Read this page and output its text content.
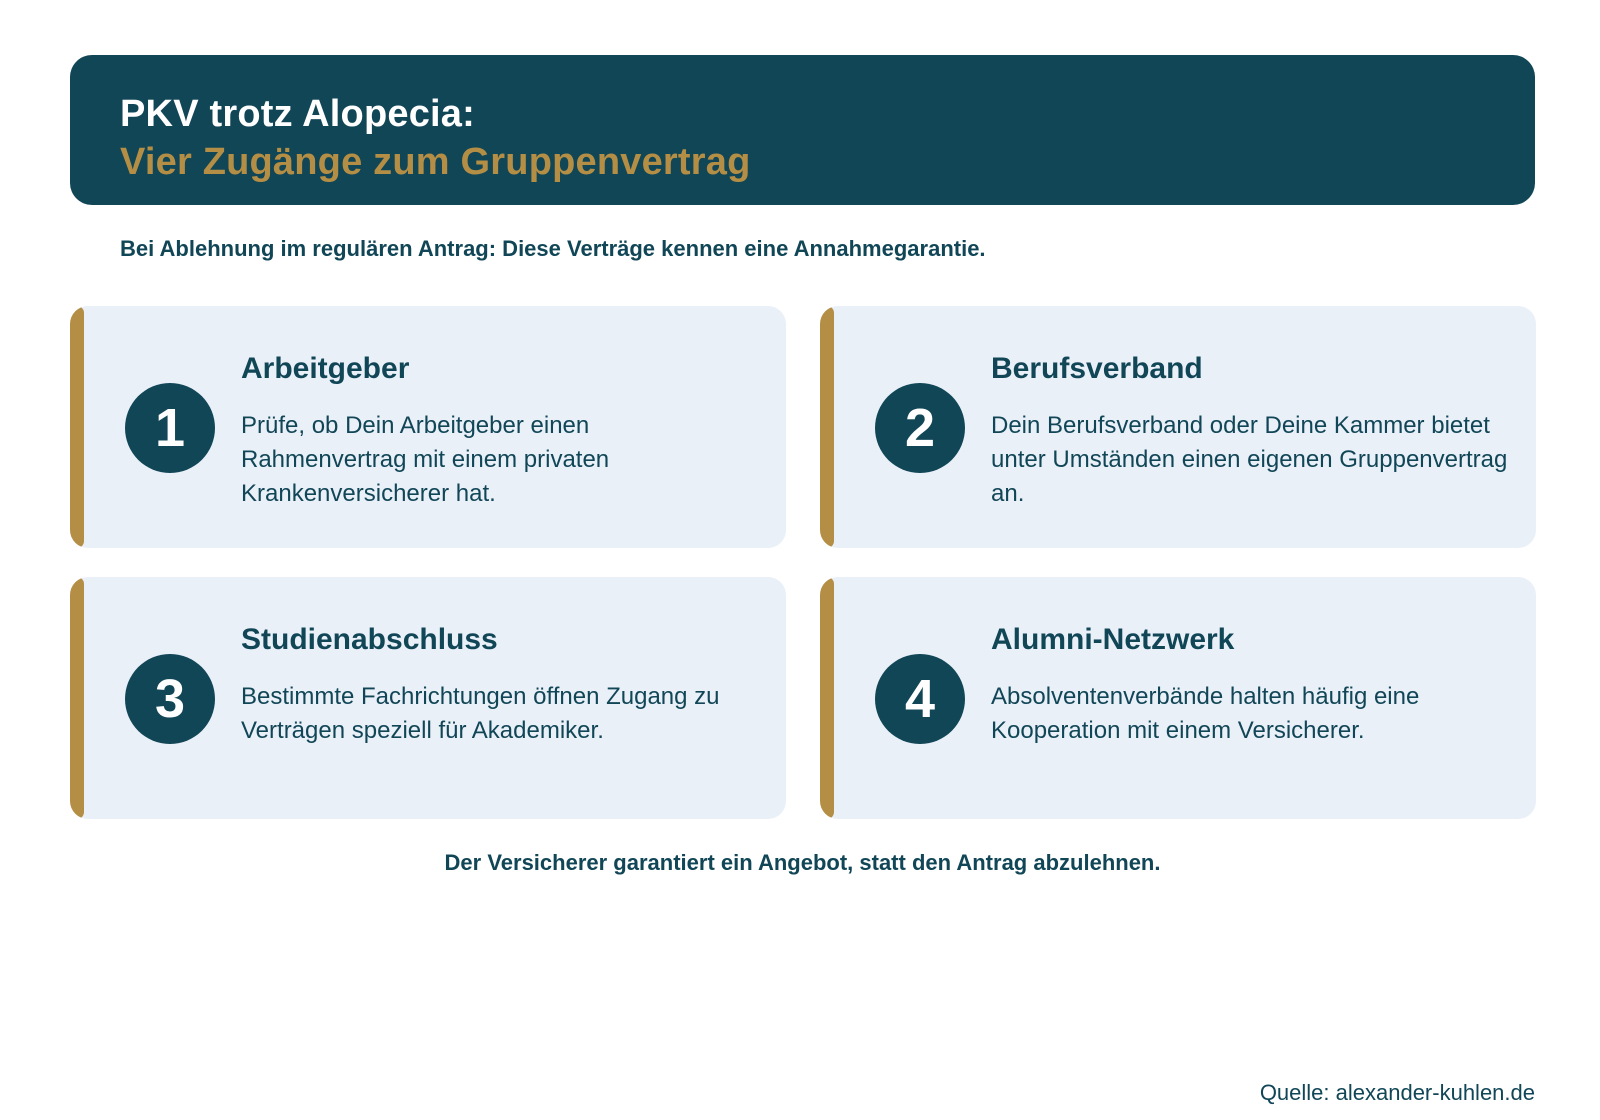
PKV trotz Alopecia:
Vier Zugänge zum Gruppenvertrag
Bei Ablehnung im regulären Antrag: Diese Verträge kennen eine Annahmegarantie.
1
Arbeitgeber
Prüfe, ob Dein Arbeitgeber einen Rahmenvertrag mit einem privaten Krankenversicherer hat.
2
Berufsverband
Dein Berufsverband oder Deine Kammer bietet unter Umständen einen eigenen Gruppenvertrag an.
3
Studienabschluss
Bestimmte Fachrichtungen öffnen Zugang zu Verträgen speziell für Akademiker.
4
Alumni-Netzwerk
Absolventenverbände halten häufig eine Kooperation mit einem Versicherer.
Der Versicherer garantiert ein Angebot, statt den Antrag abzulehnen.
Quelle: alexander-kuhlen.de
